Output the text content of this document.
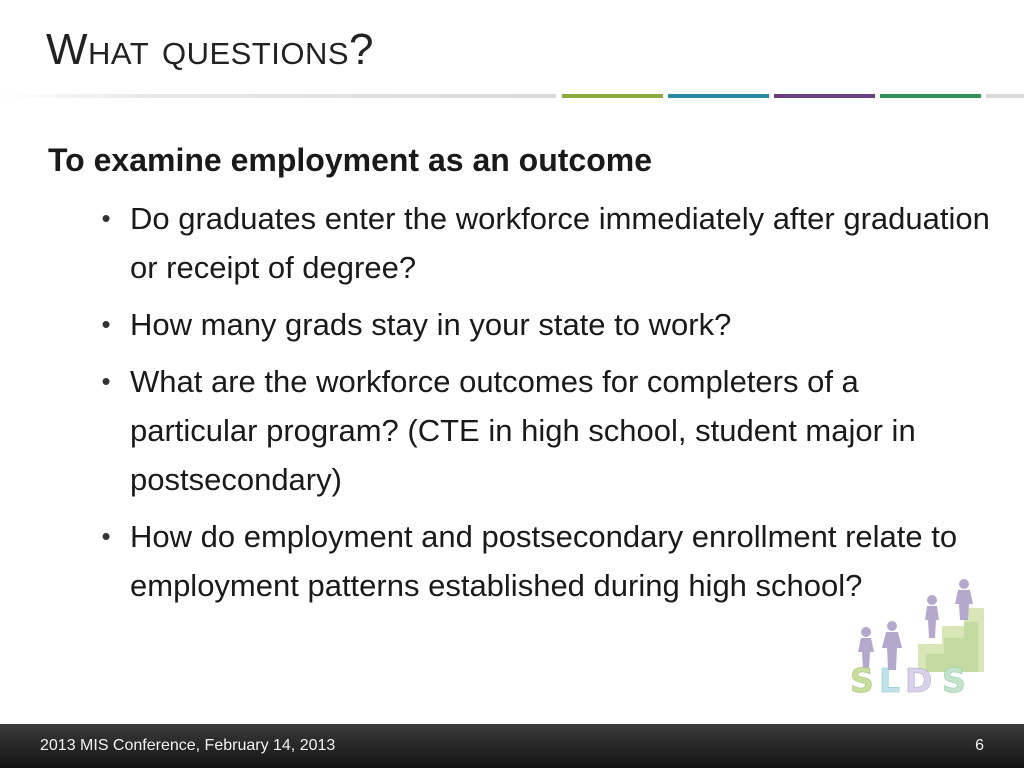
What questions?
To examine employment as an outcome
• Do graduates enter the workforce immediately after graduation or receipt of degree?
• How many grads stay in your state to work?
• What are the workforce outcomes for completers of a particular program? (CTE in high school, student major in postsecondary)
• How do employment and postsecondary enrollment relate to employment patterns established during high school?
S L D S
2013 MIS Conference, February 14, 2013	6
